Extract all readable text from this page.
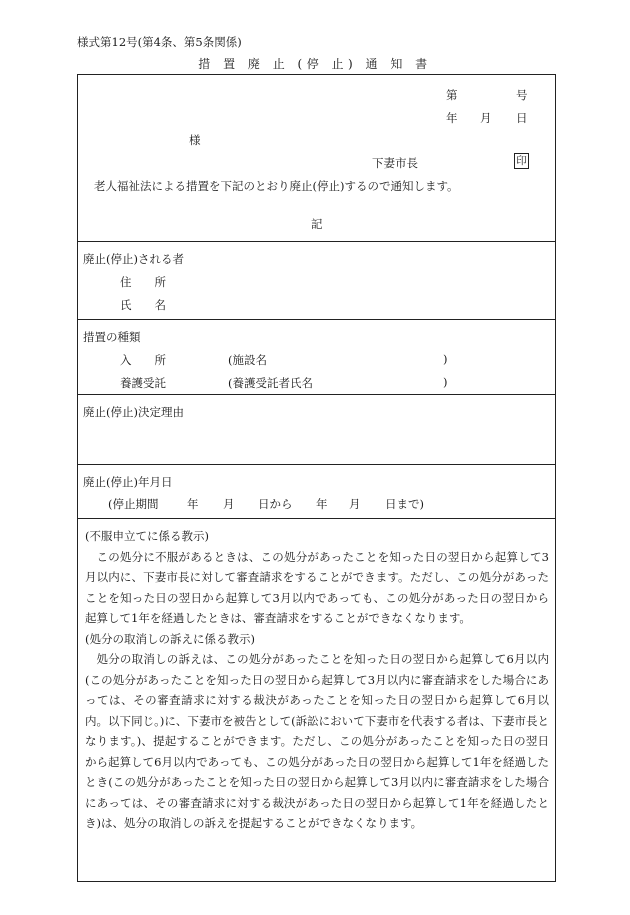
様式第12号(第4条、第5条関係)
措 置 廃 止 (停 止) 通 知 書
第	号
年 月 日
様
下妻市長	印
老人福祉法による措置を下記のとおり廃止(停止)するので通知します。
記
廃止(停止)される者
住　　所
氏　　名
措置の種類
入　　所	(施設名	)
養護受託	(養護受託者氏名	)
廃止(停止)決定理由
廃止(停止)年月日
(停止期間 年 月 日から 年 月 日まで)

(不服申立てに係る教示)

この処分に不服があるときは、この処分があったことを知った日の翌日から起算して3月以内に、下妻市長に対して審査請求をすることができます。ただし、この処分があったことを知った日の翌日から起算して3月以内であっても、この処分があった日の翌日から起算して1年を経過したときは、審査請求をすることができなくなります。

(処分の取消しの訴えに係る教示)

処分の取消しの訴えは、この処分があったことを知った日の翌日から起算して6月以内(この処分があったことを知った日の翌日から起算して3月以内に審査請求をした場合にあっては、その審査請求に対する裁決があったことを知った日の翌日から起算して6月以内。以下同じ。)に、下妻市を被告として(訴訟において下妻市を代表する者は、下妻市長となります。)、提起することができます。ただし、この処分があったことを知った日の翌日から起算して6月以内であっても、この処分があった日の翌日から起算して1年を経過したとき(この処分があったことを知った日の翌日から起算して3月以内に審査請求をした場合にあっては、その審査請求に対する裁決があった日の翌日から起算して1年を経過したとき)は、処分の取消しの訴えを提起することができなくなります。
